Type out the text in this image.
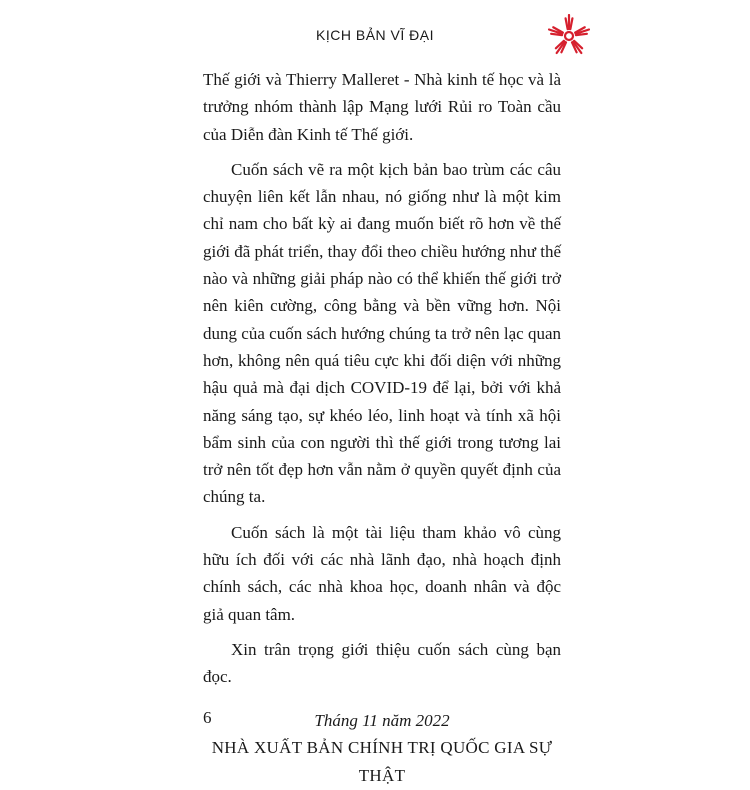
KỊCH BẢN VĨ ĐẠI

Thế giới và Thierry Malleret - Nhà kinh tế học và là trưởng nhóm thành lập Mạng lưới Rủi ro Toàn cầu của Diễn đàn Kinh tế Thế giới.

Cuốn sách vẽ ra một kịch bản bao trùm các câu chuyện liên kết lẫn nhau, nó giống như là một kim chỉ nam cho bất kỳ ai đang muốn biết rõ hơn về thế giới đã phát triển, thay đổi theo chiều hướng như thế nào và những giải pháp nào có thể khiến thế giới trở nên kiên cường, công bằng và bền vững hơn. Nội dung của cuốn sách hướng chúng ta trở nên lạc quan hơn, không nên quá tiêu cực khi đối diện với những hậu quả mà đại dịch COVID-19 để lại, bởi với khả năng sáng tạo, sự khéo léo, linh hoạt và tính xã hội bẩm sinh của con người thì thế giới trong tương lai trở nên tốt đẹp hơn vẫn nằm ở quyền quyết định của chúng ta.

Cuốn sách là một tài liệu tham khảo vô cùng hữu ích đối với các nhà lãnh đạo, nhà hoạch định chính sách, các nhà khoa học, doanh nhân và độc giả quan tâm.

Xin trân trọng giới thiệu cuốn sách cùng bạn đọc.

Tháng 11 năm 2022
NHÀ XUẤT BẢN CHÍNH TRỊ QUỐC GIA SỰ THẬT
6
